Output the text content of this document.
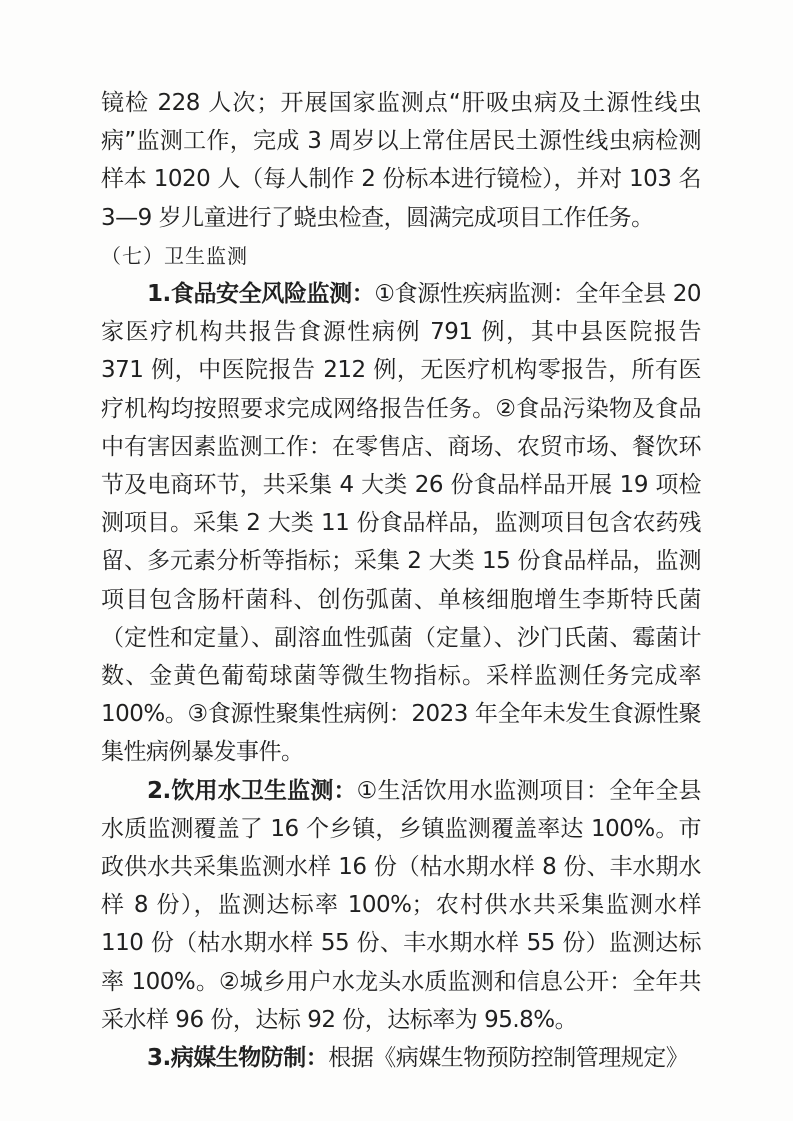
镜检 228 人次；开展国家监测点“肝吸虫病及土源性线虫病”监测工作，完成 3 周岁以上常住居民土源性线虫病检测样本 1020 人（每人制作 2 份标本进行镜检），并对 103 名 3—9 岁儿童进行了蛲虫检查，圆满完成项目工作任务。

（七）卫生监测

1.食品安全风险监测：①食源性疾病监测：全年全县 20 家医疗机构共报告食源性病例 791 例，其中县医院报告 371 例，中医院报告 212 例，无医疗机构零报告，所有医疗机构均按照要求完成网络报告任务。②食品污染物及食品中有害因素监测工作：在零售店、商场、农贸市场、餐饮环节及电商环节，共采集 4 大类 26 份食品样品开展 19 项检测项目。采集 2 大类 11 份食品样品，监测项目包含农药残留、多元素分析等指标；采集 2 大类 15 份食品样品，监测项目包含肠杆菌科、创伤弧菌、单核细胞增生李斯特氏菌（定性和定量）、副溶血性弧菌（定量）、沙门氏菌、霉菌计数、金黄色葡萄球菌等微生物指标。采样监测任务完成率 100%。③食源性聚集性病例：2023 年全年未发生食源性聚集性病例暴发事件。

2.饮用水卫生监测：①生活饮用水监测项目：全年全县水质监测覆盖了 16 个乡镇，乡镇监测覆盖率达 100%。市政供水共采集监测水样 16 份（枯水期水样 8 份、丰水期水样 8 份），监测达标率 100%；农村供水共采集监测水样 110 份（枯水期水样 55 份、丰水期水样 55 份）监测达标率 100%。②城乡用户水龙头水质监测和信息公开：全年共采水样 96 份，达标 92 份，达标率为 95.8%。

3.病媒生物防制：根据《病媒生物预防控制管理规定》
